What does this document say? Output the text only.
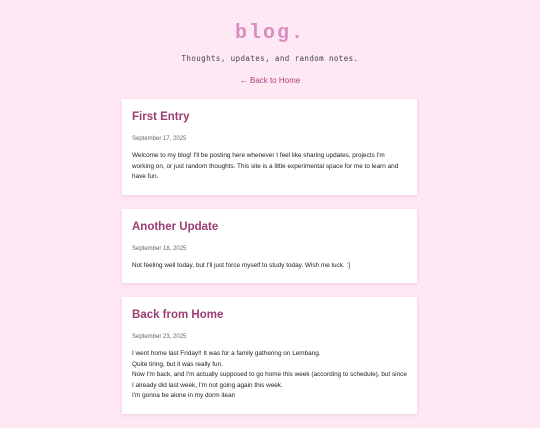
blog.
Thoughts, updates, and random notes.
← Back to Home
First Entry
September 17, 2025

Welcome to my blog! I'll be posting here whenever I feel like sharing updates, projects I'm working on, or just random thoughts. This site is a little experimental space for me to learn and have fun.

Another Update
September 18, 2025

Not feeling well today, but I'll just force myself to study today. Wish me luck. :]

Back from Home
September 23, 2025

I went home last Friday!! It was for a family gathering on Lembang.

Quite tiring, but it was really fun.

Now I'm back, and I'm actually supposed to go home this week (according to schedule), but since I already did last week, I'm not going again this week.

I'm gonna be alone in my dorm itean
